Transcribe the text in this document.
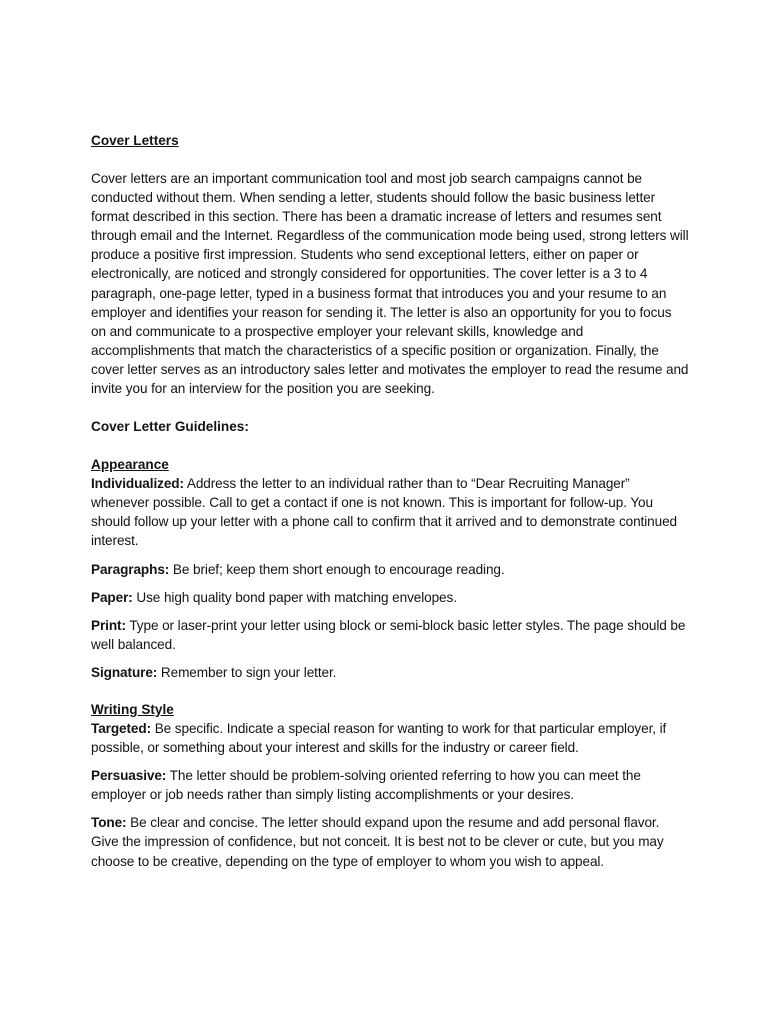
Cover Letters

Cover letters are an important communication tool and most job search campaigns cannot be conducted without them. When sending a letter, students should follow the basic business letter format described in this section. There has been a dramatic increase of letters and resumes sent through email and the Internet. Regardless of the communication mode being used, strong letters will produce a positive first impression. Students who send exceptional letters, either on paper or electronically, are noticed and strongly considered for opportunities. The cover letter is a 3 to 4 paragraph, one-page letter, typed in a business format that introduces you and your resume to an employer and identifies your reason for sending it. The letter is also an opportunity for you to focus on and communicate to a prospective employer your relevant skills, knowledge and accomplishments that match the characteristics of a specific position or organization. Finally, the cover letter serves as an introductory sales letter and motivates the employer to read the resume and invite you for an interview for the position you are seeking.

Cover Letter Guidelines:

Appearance

Individualized: Address the letter to an individual rather than to “Dear Recruiting Manager” whenever possible. Call to get a contact if one is not known. This is important for follow-up. You should follow up your letter with a phone call to confirm that it arrived and to demonstrate continued interest.

Paragraphs: Be brief; keep them short enough to encourage reading.

Paper: Use high quality bond paper with matching envelopes.

Print: Type or laser-print your letter using block or semi-block basic letter styles. The page should be well balanced.

Signature: Remember to sign your letter.

Writing Style

Targeted: Be specific. Indicate a special reason for wanting to work for that particular employer, if possible, or something about your interest and skills for the industry or career field.

Persuasive: The letter should be problem-solving oriented referring to how you can meet the employer or job needs rather than simply listing accomplishments or your desires.

Tone: Be clear and concise. The letter should expand upon the resume and add personal flavor. Give the impression of confidence, but not conceit. It is best not to be clever or cute, but you may choose to be creative, depending on the type of employer to whom you wish to appeal.
